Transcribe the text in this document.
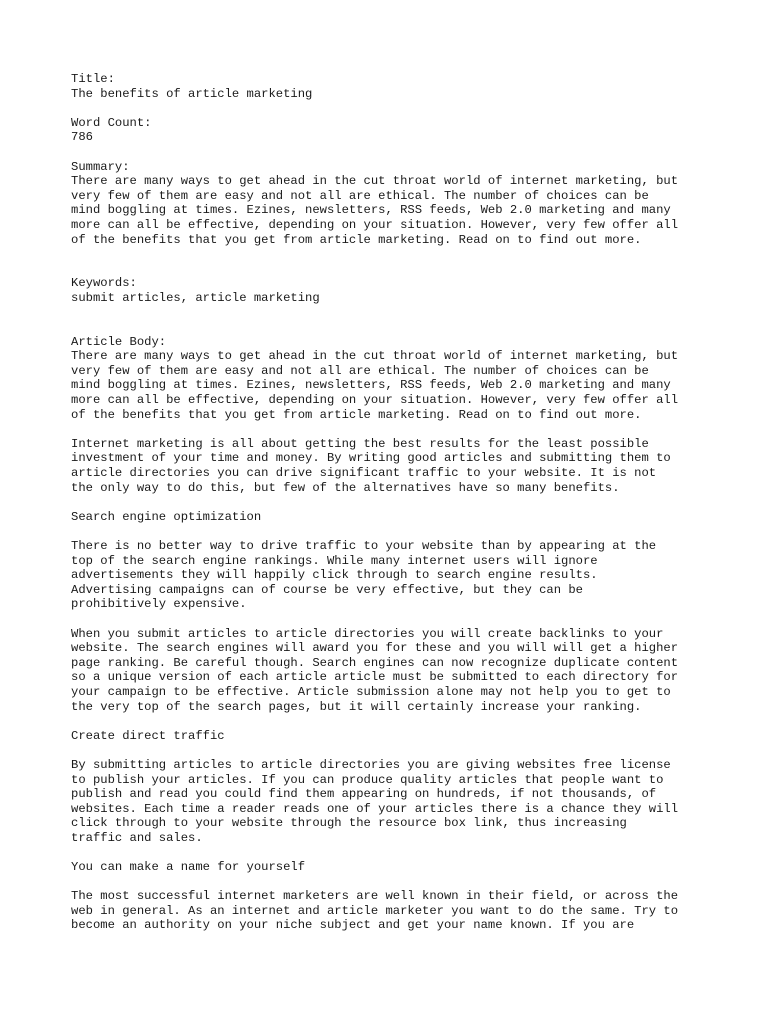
Title:

The benefits of article marketing

Word Count:

786

Summary:

There are many ways to get ahead in the cut throat world of internet marketing, but
very few of them are easy and not all are ethical. The number of choices can be
mind boggling at times. Ezines, newsletters, RSS feeds, Web 2.0 marketing and many
more can all be effective, depending on your situation. However, very few offer all
of the benefits that you get from article marketing. Read on to find out more.

Keywords:

submit articles, article marketing

Article Body:

There are many ways to get ahead in the cut throat world of internet marketing, but
very few of them are easy and not all are ethical. The number of choices can be
mind boggling at times. Ezines, newsletters, RSS feeds, Web 2.0 marketing and many
more can all be effective, depending on your situation. However, very few offer all
of the benefits that you get from article marketing. Read on to find out more.

Internet marketing is all about getting the best results for the least possible
investment of your time and money. By writing good articles and submitting them to
article directories you can drive significant traffic to your website. It is not
the only way to do this, but few of the alternatives have so many benefits.

Search engine optimization

There is no better way to drive traffic to your website than by appearing at the
top of the search engine rankings. While many internet users will ignore
advertisements they will happily click through to search engine results.
Advertising campaigns can of course be very effective, but they can be
prohibitively expensive.

When you submit articles to article directories you will create backlinks to your
website. The search engines will award you for these and you will will get a higher
page ranking. Be careful though. Search engines can now recognize duplicate content
so a unique version of each article article must be submitted to each directory for
your campaign to be effective. Article submission alone may not help you to get to
the very top of the search pages, but it will certainly increase your ranking.

Create direct traffic

By submitting articles to article directories you are giving websites free license
to publish your articles. If you can produce quality articles that people want to
publish and read you could find them appearing on hundreds, if not thousands, of
websites. Each time a reader reads one of your articles there is a chance they will
click through to your website through the resource box link, thus increasing
traffic and sales.

You can make a name for yourself

The most successful internet marketers are well known in their field, or across the
web in general. As an internet and article marketer you want to do the same. Try to
become an authority on your niche subject and get your name known. If you are
